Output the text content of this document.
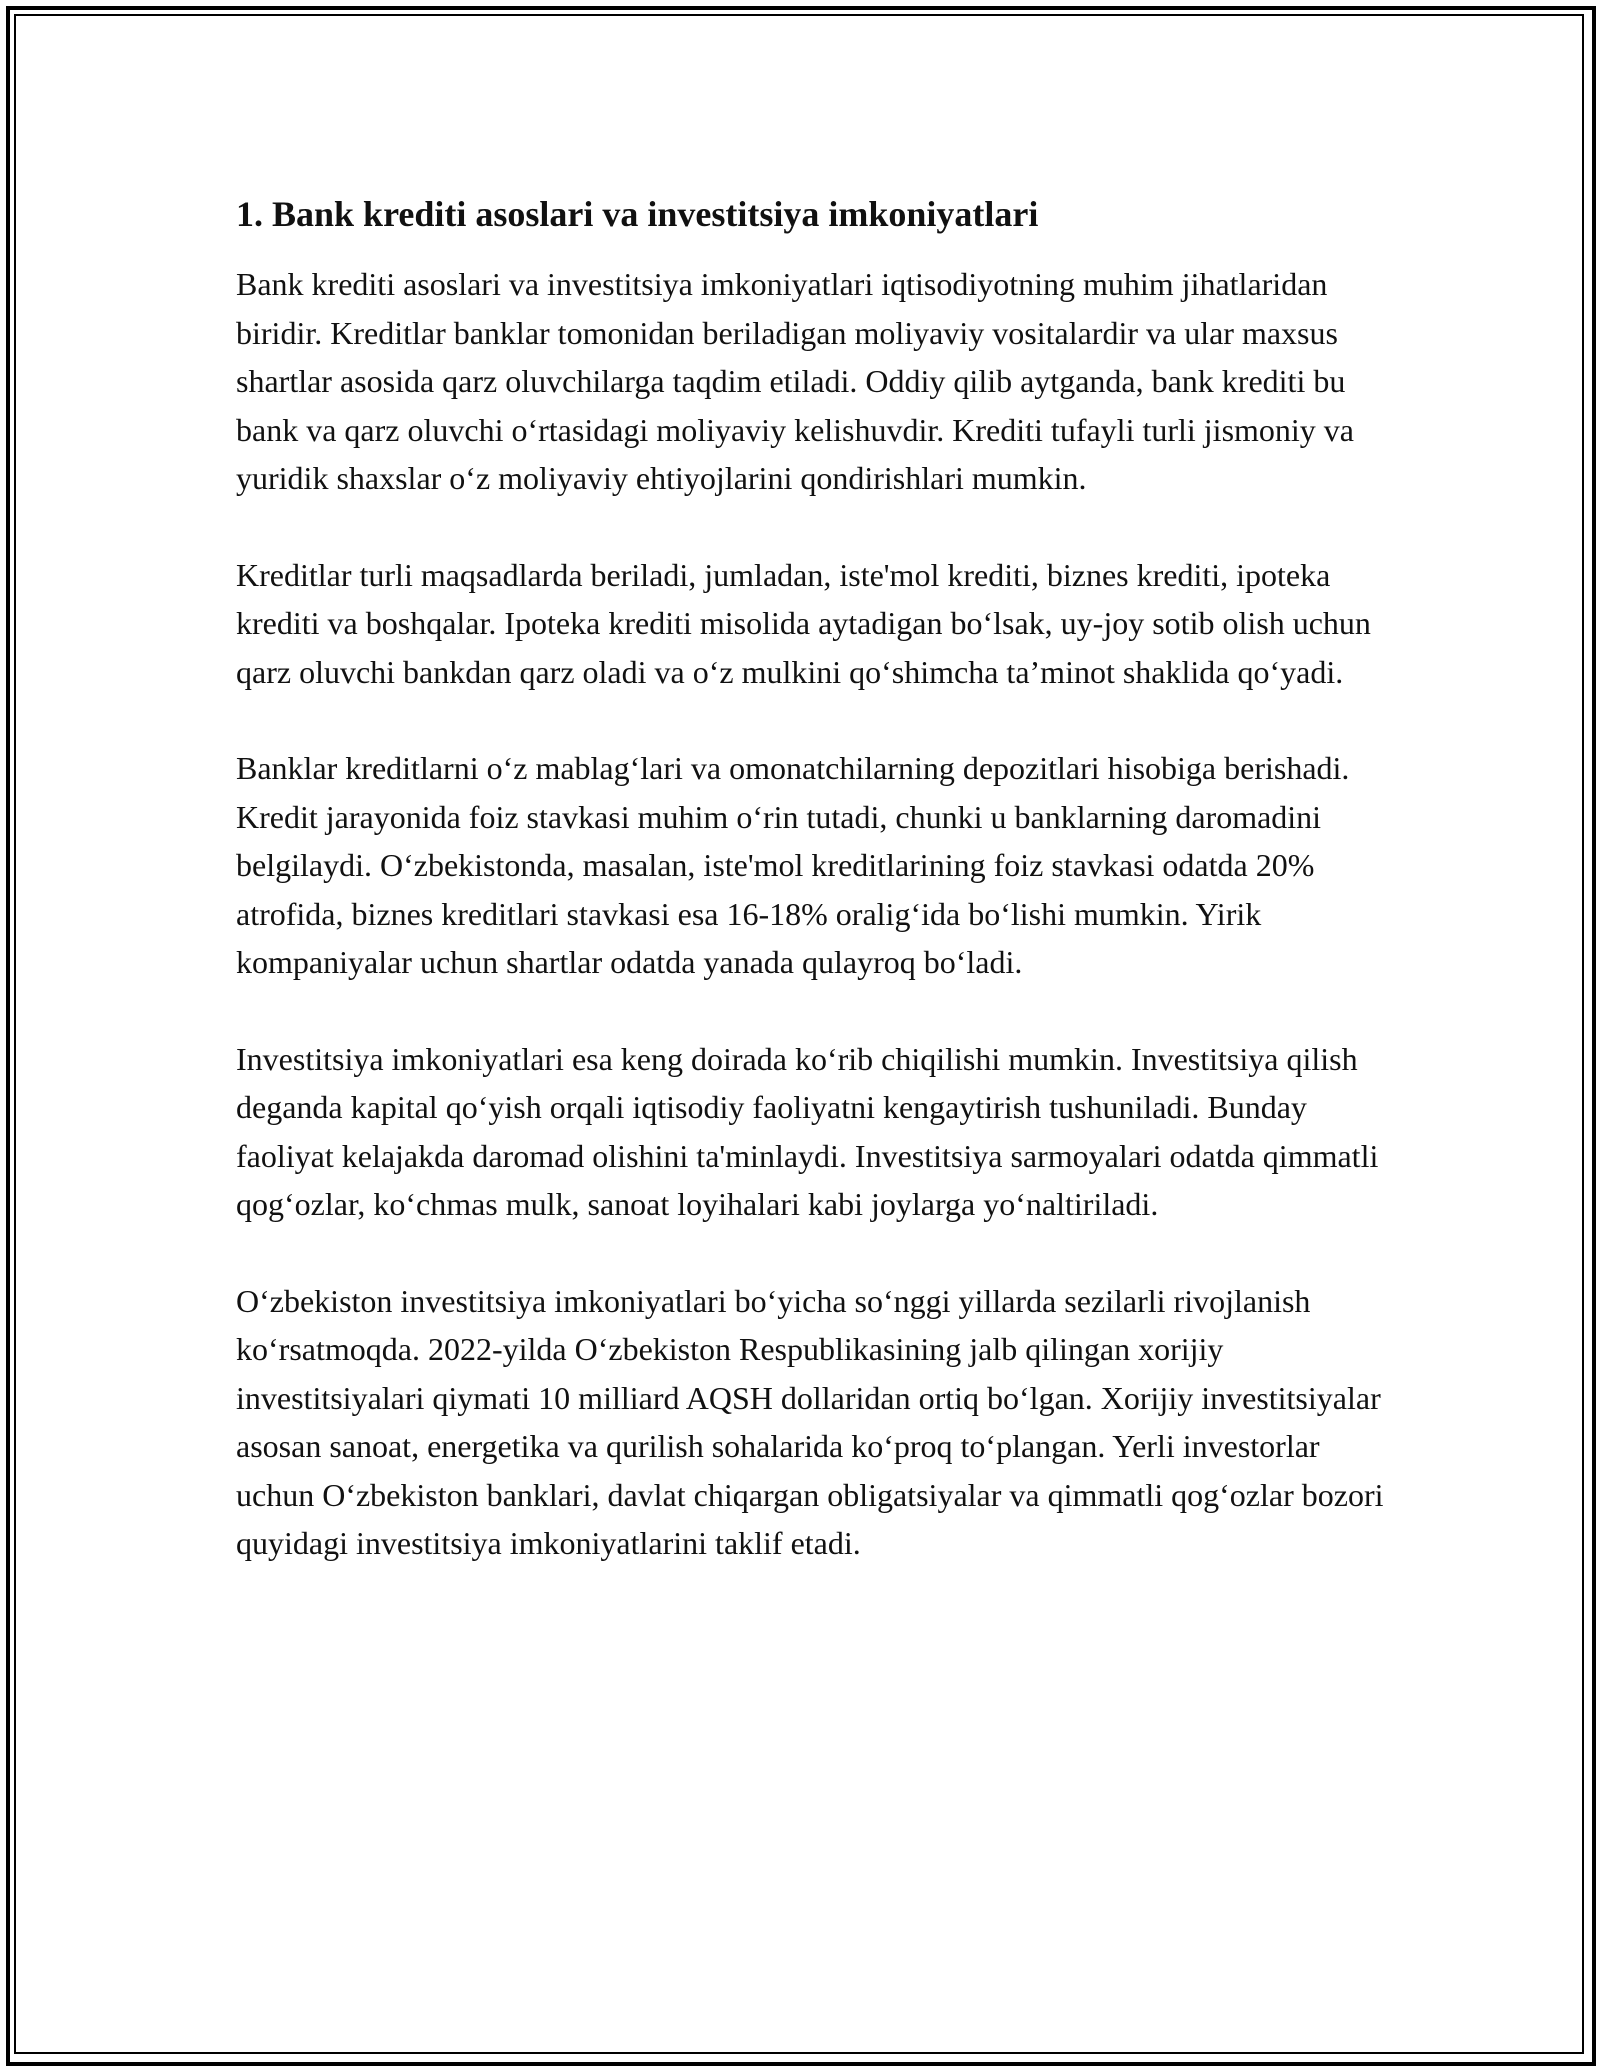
1. Bank krediti asoslari va investitsiya imkoniyatlari

Bank krediti asoslari va investitsiya imkoniyatlari iqtisodiyotning muhim jihatlaridan biridir. Kreditlar banklar tomonidan beriladigan moliyaviy vositalardir va ular maxsus shartlar asosida qarz oluvchilarga taqdim etiladi. Oddiy qilib aytganda, bank krediti bu bank va qarz oluvchi o‘rtasidagi moliyaviy kelishuvdir. Krediti tufayli turli jismoniy va yuridik shaxslar o‘z moliyaviy ehtiyojlarini qondirishlari mumkin.

Kreditlar turli maqsadlarda beriladi, jumladan, iste'mol krediti, biznes krediti, ipoteka krediti va boshqalar. Ipoteka krediti misolida aytadigan bo‘lsak, uy-joy sotib olish uchun qarz oluvchi bankdan qarz oladi va o‘z mulkini qo‘shimcha ta’minot shaklida qo‘yadi.

Banklar kreditlarni o‘z mablag‘lari va omonatchilarning depozitlari hisobiga berishadi. Kredit jarayonida foiz stavkasi muhim o‘rin tutadi, chunki u banklarning daromadini belgilaydi. O‘zbekistonda, masalan, iste'mol kreditlarining foiz stavkasi odatda 20% atrofida, biznes kreditlari stavkasi esa 16-18% oralig‘ida bo‘lishi mumkin. Yirik kompaniyalar uchun shartlar odatda yanada qulayroq bo‘ladi.

Investitsiya imkoniyatlari esa keng doirada ko‘rib chiqilishi mumkin. Investitsiya qilish deganda kapital qo‘yish orqali iqtisodiy faoliyatni kengaytirish tushuniladi. Bunday faoliyat kelajakda daromad olishini ta'minlaydi. Investitsiya sarmoyalari odatda qimmatli qog‘ozlar, ko‘chmas mulk, sanoat loyihalari kabi joylarga yo‘naltiriladi.

O‘zbekiston investitsiya imkoniyatlari bo‘yicha so‘nggi yillarda sezilarli rivojlanish ko‘rsatmoqda. 2022-yilda O‘zbekiston Respublikasining jalb qilingan xorijiy investitsiyalari qiymati 10 milliard AQSH dollaridan ortiq bo‘lgan. Xorijiy investitsiyalar asosan sanoat, energetika va qurilish sohalarida ko‘proq to‘plangan. Yerli investorlar uchun O‘zbekiston banklari, davlat chiqargan obligatsiyalar va qimmatli qog‘ozlar bozori quyidagi investitsiya imkoniyatlarini taklif etadi.
